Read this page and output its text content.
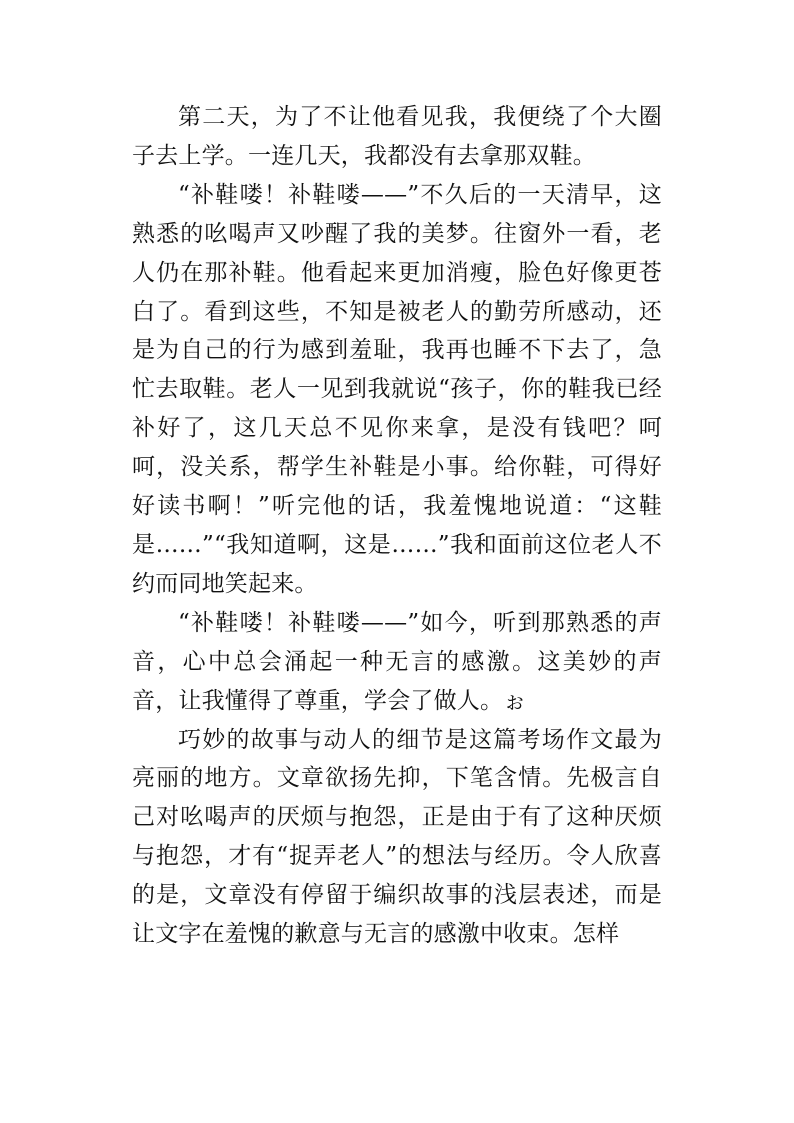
第二天，为了不让他看见我，我便绕了个大圈子去上学。一连几天，我都没有去拿那双鞋。

“补鞋喽！补鞋喽——”不久后的一天清早，这熟悉的吆喝声又吵醒了我的美梦。往窗外一看，老人仍在那补鞋。他看起来更加消瘦，脸色好像更苍白了。看到这些，不知是被老人的勤劳所感动，还是为自己的行为感到羞耻，我再也睡不下去了，急忙去取鞋。老人一见到我就说“孩子，你的鞋我已经补好了，这几天总不见你来拿，是没有钱吧？呵呵，没关系，帮学生补鞋是小事。给你鞋，可得好好读书啊！”听完他的话，我羞愧地说道：“这鞋是……”“我知道啊，这是……”我和面前这位老人不约而同地笑起来。

“补鞋喽！补鞋喽——”如今，听到那熟悉的声音，心中总会涌起一种无言的感激。这美妙的声音，让我懂得了尊重，学会了做人。ぉ

巧妙的故事与动人的细节是这篇考场作文最为亮丽的地方。文章欲扬先抑，下笔含情。先极言自己对吆喝声的厌烦与抱怨，正是由于有了这种厌烦与抱怨，才有“捉弄老人”的想法与经历。令人欣喜的是，文章没有停留于编织故事的浅层表述，而是让文字在羞愧的歉意与无言的感激中收束。怎样
